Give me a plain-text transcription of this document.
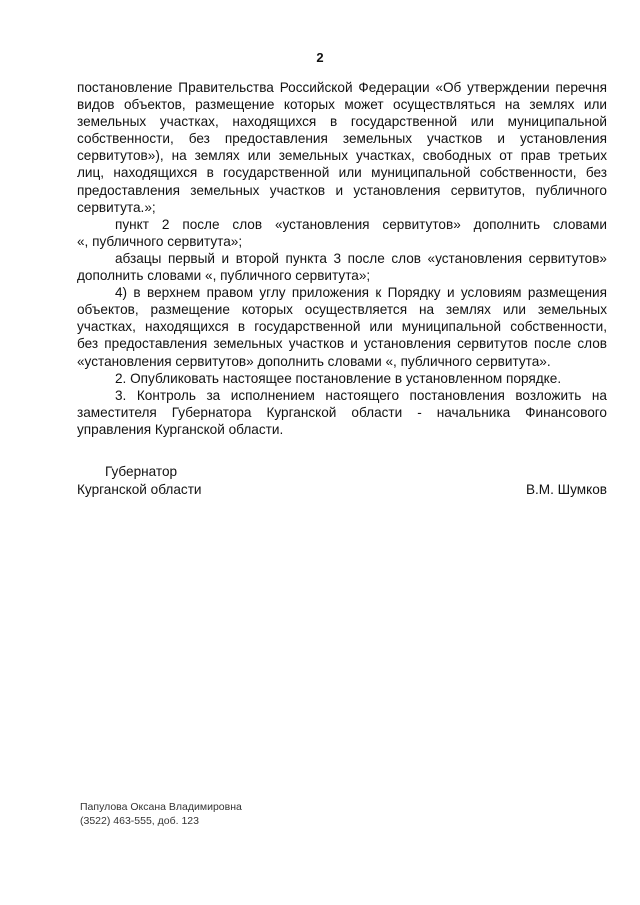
2
постановление Правительства Российской Федерации «Об утверждении перечня
видов объектов, размещение которых может осуществляться на землях или
земельных участках, находящихся в государственной или муниципальной
собственности, без предоставления земельных участков и установления
сервитутов»), на землях или земельных участках, свободных от прав третьих
лиц, находящихся в государственной или муниципальной собственности, без
предоставления земельных участков и установления сервитутов, публичного
сервитута.»;
пункт 2 после слов «установления сервитутов» дополнить словами
«, публичного сервитута»;
абзацы первый и второй пункта 3 после слов «установления сервитутов»
дополнить словами «, публичного сервитута»;
4) в верхнем правом углу приложения к Порядку и условиям размещения
объектов, размещение которых осуществляется на землях или земельных
участках, находящихся в государственной или муниципальной собственности,
без предоставления земельных участков и установления сервитутов после слов
«установления сервитутов» дополнить словами «, публичного сервитута».
2. Опубликовать настоящее постановление в установленном порядке.
3. Контроль за исполнением настоящего постановления возложить на
заместителя Губернатора Курганской области - начальника Финансового
управления Курганской области.
Губернатор
Курганской области	В.М. Шумков
Папулова Оксана Владимировна
(3522) 463-555, доб. 123
